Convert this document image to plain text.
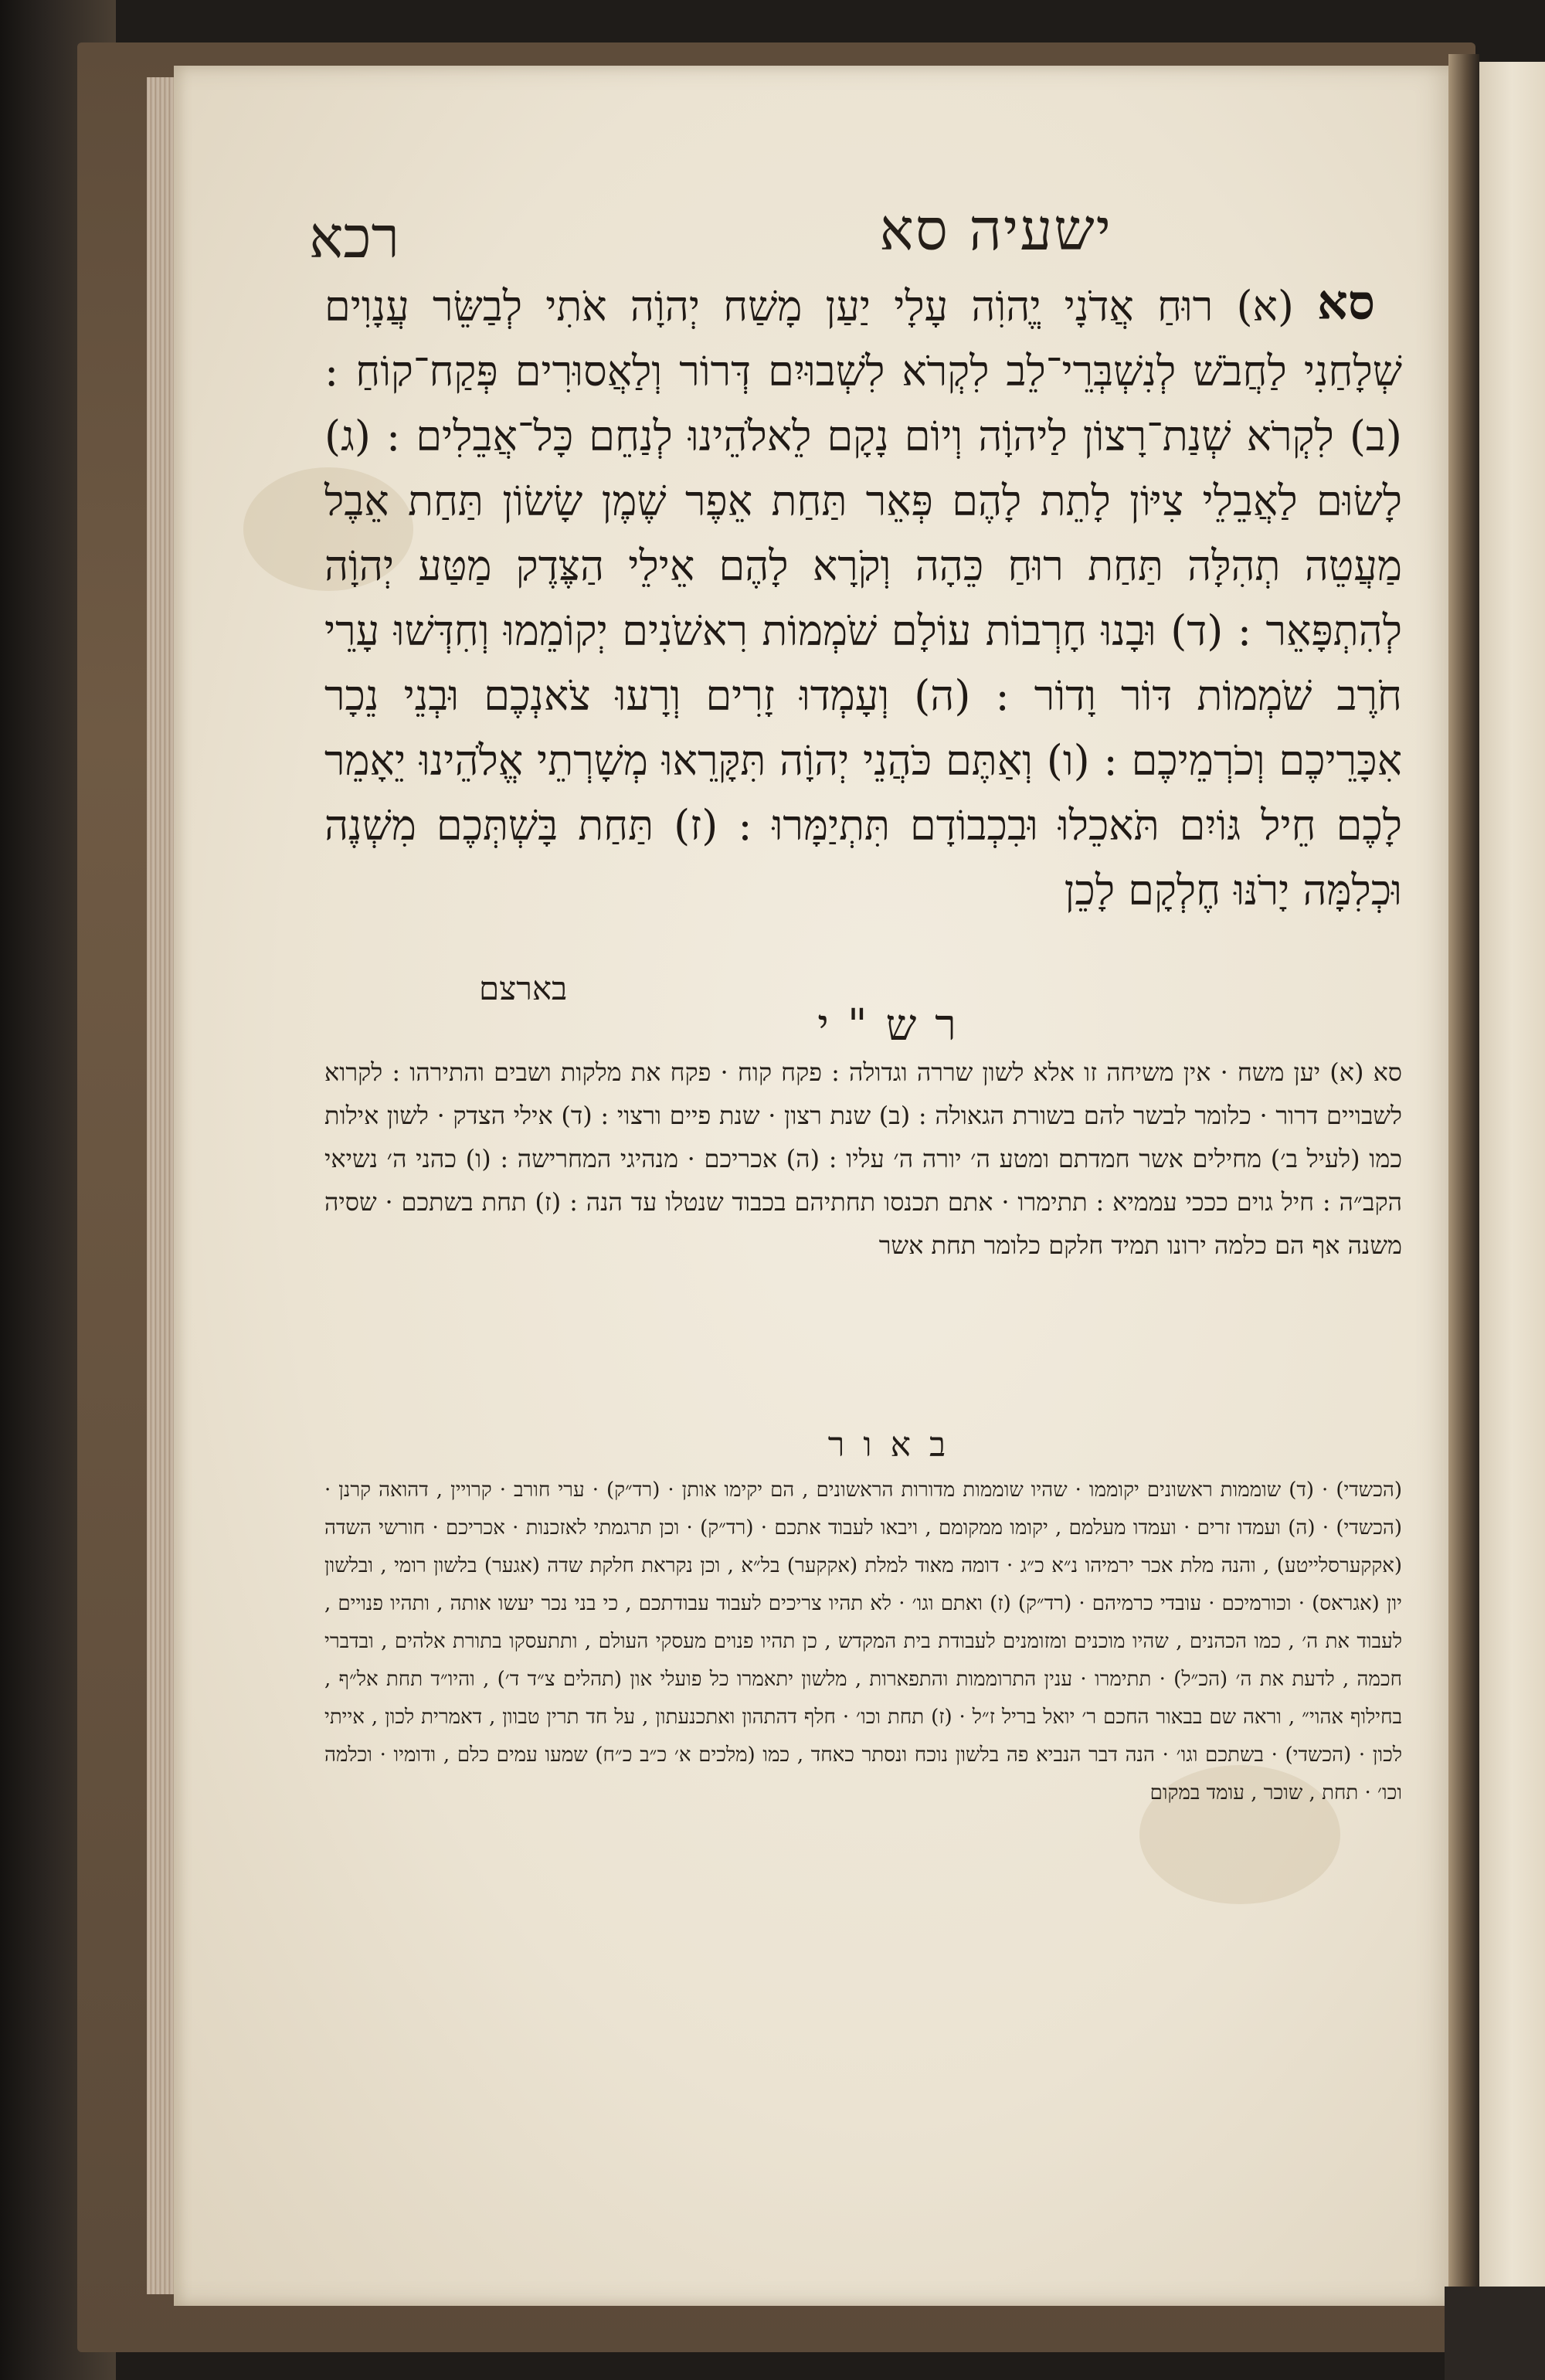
ישעיה סא
רכא
סא
(א) רוּחַ אֲדֹנָי יֱהוִֹה עָלָי יַעַן מָשַׁח יְהוָֹה אֹתִי לְבַשֵּׂר עֲנָוִים שְׁלָחַנִי לַחֲבֹשׁ לְנִשְׁבְּרֵי־לֵב לִקְרֹא לִשְׁבוּיִם דְּרוֹר וְלַאֲסוּרִים פְּקַח־קוֹחַ : (ב) לִקְרֹא שְׁנַת־רָצוֹן לַיהוָֹה וְיוֹם נָקָם לֵאלֹהֵינוּ לְנַחֵם כָּל־אֲבֵלִים : (ג) לָשׂוּם לַאֲבֵלֵי צִיּוֹן לָתֵת לָהֶם פְּאֵר תַּחַת אֵפֶר שֶׁמֶן שָׂשׂוֹן תַּחַת אֵבֶל מַעֲטֵה תְהִלָּה תַּחַת רוּחַ כֵּהָה וְקֹרָא לָהֶם אֵילֵי הַצֶּדֶק מַטַּע יְהוָֹה לְהִתְפָּאֵר : (ד) וּבָנוּ חָרְבוֹת עוֹלָם שֹׁמְמוֹת רִאשֹׁנִים יְקוֹמֵמוּ וְחִדְּשׁוּ עָרֵי חֹרֶב שֹׁמְמוֹת דּוֹר וָדוֹר : (ה) וְעָמְדוּ זָרִים וְרָעוּ צֹאנְכֶם וּבְנֵי נֵכָר אִכָּרֵיכֶם וְכֹרְמֵיכֶם : (ו) וְאַתֶּם כֹּהֲנֵי יְהוָֹה תִּקָּרֵאוּ מְשָׁרְתֵי אֱלֹהֵינוּ יֵאָמֵר לָכֶם חֵיל גּוֹיִם תֹּאכֵלוּ וּבִכְבוֹדָם תִּתְיַמָּרוּ : (ז) תַּחַת בָּשְׁתְּכֶם מִשְׁנֶה וּכְלִמָּה יָרֹנּוּ חֶלְקָם לָכֵן
בארצם
רש"י
סא (א) יען משח · אין משיחה זו אלא לשון שררה וגדולה : פקח קוח · פקח את מלקות ושבים והתירהו : לקרוא לשבויים דרור · כלומר לבשר להם בשורת הגאולה : (ב) שנת רצון · שנת פיים ורצוי : (ד) אילי הצדק · לשון אילות כמו (לעיל ב׳) מחילים אשר חמדתם ומטע ה׳ יורה ה׳ עליו : (ה) אכריכם · מנהיגי המחרישה : (ו) כהני ה׳ נשיאי הקב״ה : חיל גוים כככי עממיא : תתימרו · אתם תכנסו תחתיהם בכבוד שנטלו עד הנה : (ז) תחת בשתכם · שסיה משנה אף הם כלמה ירונו תמיד חלקם כלומר תחת אשר
באור
(הכשדי) · (ד) שוממות ראשונים יקוממו · שהיו שוממות מדורות הראשונים , הם יקימו אותן · (רד״ק) · ערי חורב · קרויין , דהואה קרנן · (הכשדי) · (ה) ועמדו זרים · ועמדו מעלמם , יקומו ממקומם , ויבאו לעבוד אתכם · (רד״ק) · וכן תרגמתי לאזכנות · אכריכם · חורשי השדה (אקקערסלייטע) , והנה מלת אכר ירמיהו נ״א כ״ג · דומה מאוד למלת (אקקער) בל״א , וכן נקראת חלקת שדה (אגער) בלשון רומי , ובלשון יון (אגראס) · וכורמיכם · עובדי כרמיהם · (רד״ק) (ז) ואתם וגו׳ · לא תהיו צריכים לעבוד עבודתכם , כי בני נכר יעשו אותה , ותהיו פנויים , לעבוד את ה׳ , כמו הכהנים , שהיו מוכנים ומזומנים לעבודת בית המקדש , כן תהיו פנוים מעסקי העולם , ותתעסקו בתורת אלהים , ובדברי חכמה , לדעת את ה׳ (הכ״ל) · תתימרו · ענין התרוממות והתפארות , מלשון יתאמרו כל פועלי און (תהלים צ״ד ד׳) , והיו״ד תחת אל״ף , בחילוף אהוי״ , וראה שם בבאור החכם ר׳ יואל בריל ז״ל · (ז) תחת וכו׳ · חלף דהתהון ואתכנעתון , על חד תרין טבוון , דאמרית לכון , אייתי לכון · (הכשדי) · בשתכם וגו׳ · הנה דבר הנביא פה בלשון נוכח ונסתר כאחד , כמו (מלכים א׳ כ״ב כ״ח) שמעו עמים כלם , ודומיו · וכלמה וכו׳ · תחת , שוכר , עומד במקום
